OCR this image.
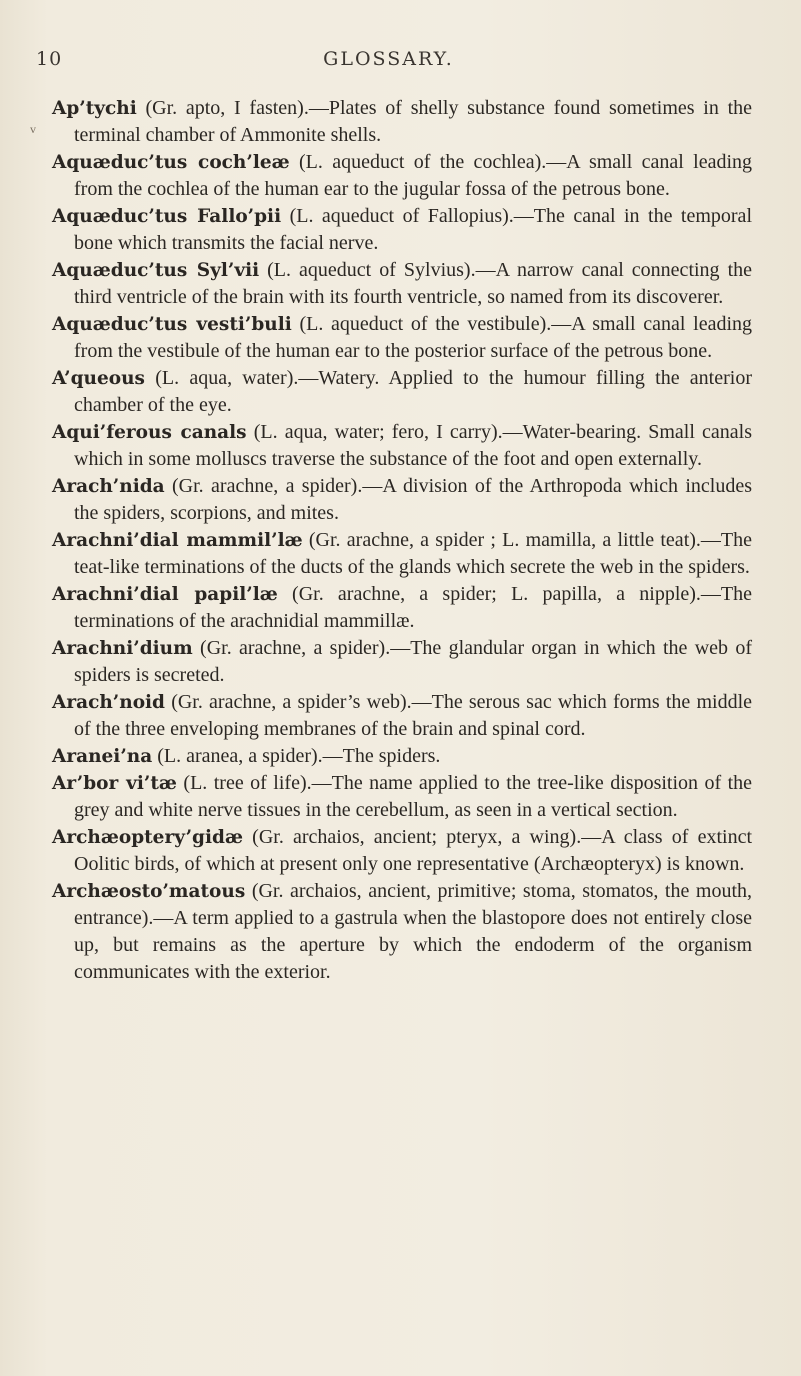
10	GLOSSARY.
v

Ap’tychi (Gr. apto, I fasten).—Plates of shelly substance found sometimes in the terminal chamber of Ammonite shells.

Aquæduc’tus coch’leæ (L. aqueduct of the cochlea).—A small canal leading from the cochlea of the human ear to the jugular fossa of the petrous bone.

Aquæduc’tus Fallo’pii (L. aqueduct of Fallopius).—The canal in the temporal bone which transmits the facial nerve.

Aquæduc’tus Syl’vii (L. aqueduct of Sylvius).—A narrow canal connecting the third ventricle of the brain with its fourth ventricle, so named from its discoverer.

Aquæduc’tus vesti’buli (L. aqueduct of the vestibule).—A small canal leading from the vestibule of the human ear to the posterior surface of the petrous bone.

A’queous (L. aqua, water).—Watery. Applied to the humour filling the anterior chamber of the eye.

Aqui’ferous canals (L. aqua, water; fero, I carry).—Water-bearing. Small canals which in some molluscs traverse the substance of the foot and open externally.

Arach’nida (Gr. arachne, a spider).—A division of the Arthropoda which includes the spiders, scorpions, and mites.

Arachni’dial mammil’læ (Gr. arachne, a spider ; L. mamilla, a little teat).—The teat-like terminations of the ducts of the glands which secrete the web in the spiders.

Arachni’dial papil’læ (Gr. arachne, a spider; L. papilla, a nipple).—The terminations of the arachnidial mammillæ.

Arachni’dium (Gr. arachne, a spider).—The glandular organ in which the web of spiders is secreted.

Arach’noid (Gr. arachne, a spider’s web).—The serous sac which forms the middle of the three enveloping membranes of the brain and spinal cord.

Aranei’na (L. aranea, a spider).—The spiders.

Ar’bor vi’tæ (L. tree of life).—The name applied to the tree-like disposition of the grey and white nerve tissues in the cerebellum, as seen in a vertical section.

Archæoptery’gidæ (Gr. archaios, ancient; pteryx, a wing).—A class of extinct Oolitic birds, of which at present only one representative (Archæopteryx) is known.

Archæosto’matous (Gr. archaios, ancient, primitive; stoma, stomatos, the mouth, entrance).—A term applied to a gastrula when the blastopore does not entirely close up, but remains as the aperture by which the endoderm of the organism communicates with the exterior.
